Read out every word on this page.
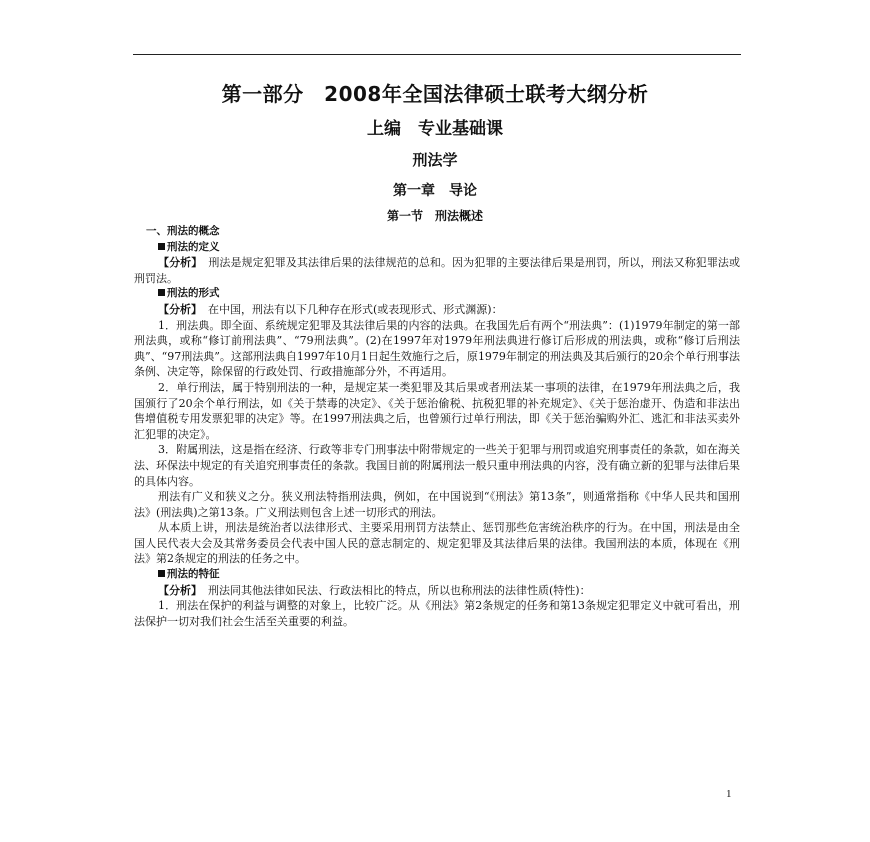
第一部分　2008年全国法律硕士联考大纲分析
上编　专业基础课
刑法学
第一章　导论
第一节　刑法概述

一、刑法的概念

刑法的定义

【分析】 刑法是规定犯罪及其法律后果的法律规范的总和。因为犯罪的主要法律后果是刑罚，所以，刑法又称犯罪法或刑罚法。

刑法的形式

【分析】 在中国，刑法有以下几种存在形式(或表现形式、形式渊源)：

1．刑法典。即全面、系统规定犯罪及其法律后果的内容的法典。在我国先后有两个“刑法典”：(1)1979年制定的第一部刑法典，或称“修订前刑法典”、“79刑法典”。(2)在1997年对1979年刑法典进行修订后形成的刑法典，或称“修订后刑法典”、“97刑法典”。这部刑法典自1997年10月1日起生效施行之后，原1979年制定的刑法典及其后颁行的20余个单行刑事法条例、决定等，除保留的行政处罚、行政措施部分外，不再适用。

2．单行刑法，属于特别刑法的一种，是规定某一类犯罪及其后果或者刑法某一事项的法律，在1979年刑法典之后，我国颁行了20余个单行刑法，如《关于禁毒的决定》、《关于惩治偷税、抗税犯罪的补充规定》、《关于惩治虚开、伪造和非法出售增值税专用发票犯罪的决定》等。在1997刑法典之后，也曾颁行过单行刑法，即《关于惩治骗购外汇、逃汇和非法买卖外汇犯罪的决定》。

3．附属刑法，这是指在经济、行政等非专门刑事法中附带规定的一些关于犯罪与刑罚或追究刑事责任的条款，如在海关法、环保法中规定的有关追究刑事责任的条款。我国目前的附属刑法一般只重申刑法典的内容，没有确立新的犯罪与法律后果的具体内容。

刑法有广义和狭义之分。狭义刑法特指刑法典，例如，在中国说到“《刑法》第13条”，则通常指称《中华人民共和国刑法》(刑法典)之第13条。广义刑法则包含上述一切形式的刑法。

从本质上讲，刑法是统治者以法律形式、主要采用刑罚方法禁止、惩罚那些危害统治秩序的行为。在中国，刑法是由全国人民代表大会及其常务委员会代表中国人民的意志制定的、规定犯罪及其法律后果的法律。我国刑法的本质，体现在《刑法》第2条规定的刑法的任务之中。

刑法的特征

【分析】 刑法同其他法律如民法、行政法相比的特点，所以也称刑法的法律性质(特性)：

1．刑法在保护的利益与调整的对象上，比较广泛。从《刑法》第2条规定的任务和第13条规定犯罪定义中就可看出，刑法保护一切对我们社会生活至关重要的利益。

1
